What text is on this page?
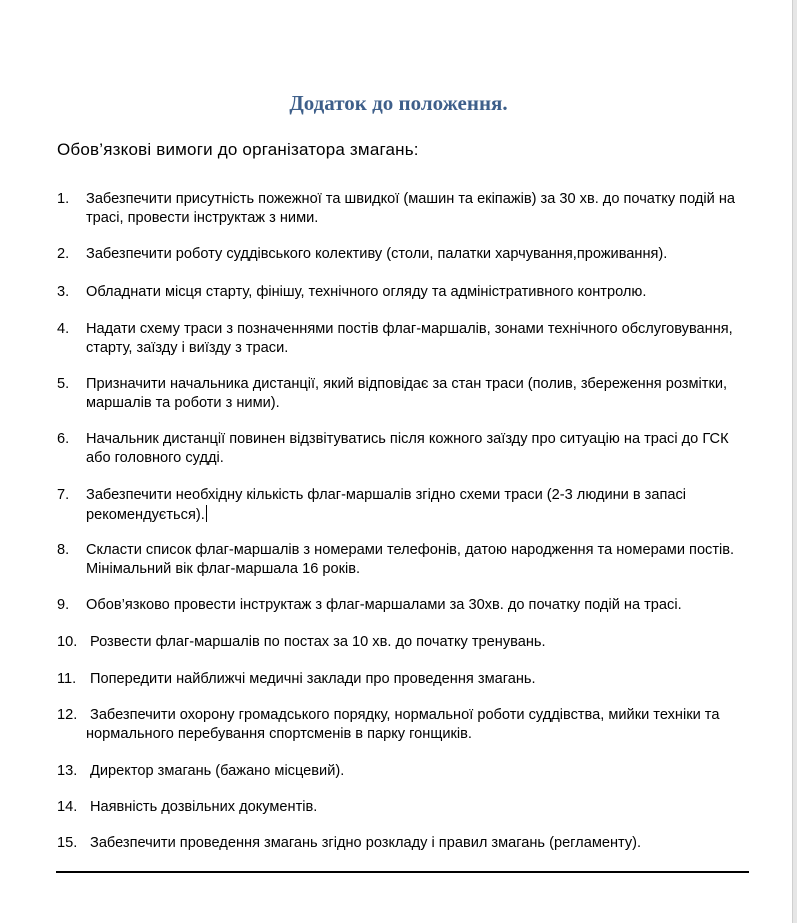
Додаток до положення.
Обов’язкові вимоги до організатора змагань:
1. Забезпечити присутність пожежної та швидкої (машин та екіпажів) за 30 хв. до початку подій на трасі, провести інструктаж з ними.
2. Забезпечити роботу суддівського колективу (столи, палатки харчування,проживання).
3. Обладнати місця старту, фінішу, технічного огляду та адміністративного контролю.
4. Надати схему траси з позначеннями постів флаг-маршалів, зонами технічного обслуговування, старту, заїзду і виїзду з траси.
5. Призначити начальника дистанції, який відповідає за стан траси (полив, збереження розмітки, маршалів та роботи з ними).
6. Начальник дистанції повинен відзвітуватись після кожного заїзду про ситуацію на трасі до ГСК або головного судді.
7. Забезпечити необхідну кількість флаг-маршалів згідно схеми траси (2-3 людини в запасі рекомендується).
8. Скласти список флаг-маршалів з номерами телефонів, датою народження та номерами постів. Мінімальний вік флаг-маршала 16 років.
9. Обов’язково провести інструктаж з флаг-маршалами за 30хв. до початку подій на трасі.
10. Розвести флаг-маршалів по постах за 10 хв. до початку тренувань.
11. Попередити найближчі медичні заклади про проведення змагань.
12. Забезпечити охорону громадського порядку, нормальної роботи суддівства, мийки техніки та нормального перебування спортсменів в парку гонщиків.
13. Директор змагань (бажано місцевий).
14. Наявність дозвільних документів.
15. Забезпечити проведення змагань згідно розкладу і правил змагань (регламенту).
